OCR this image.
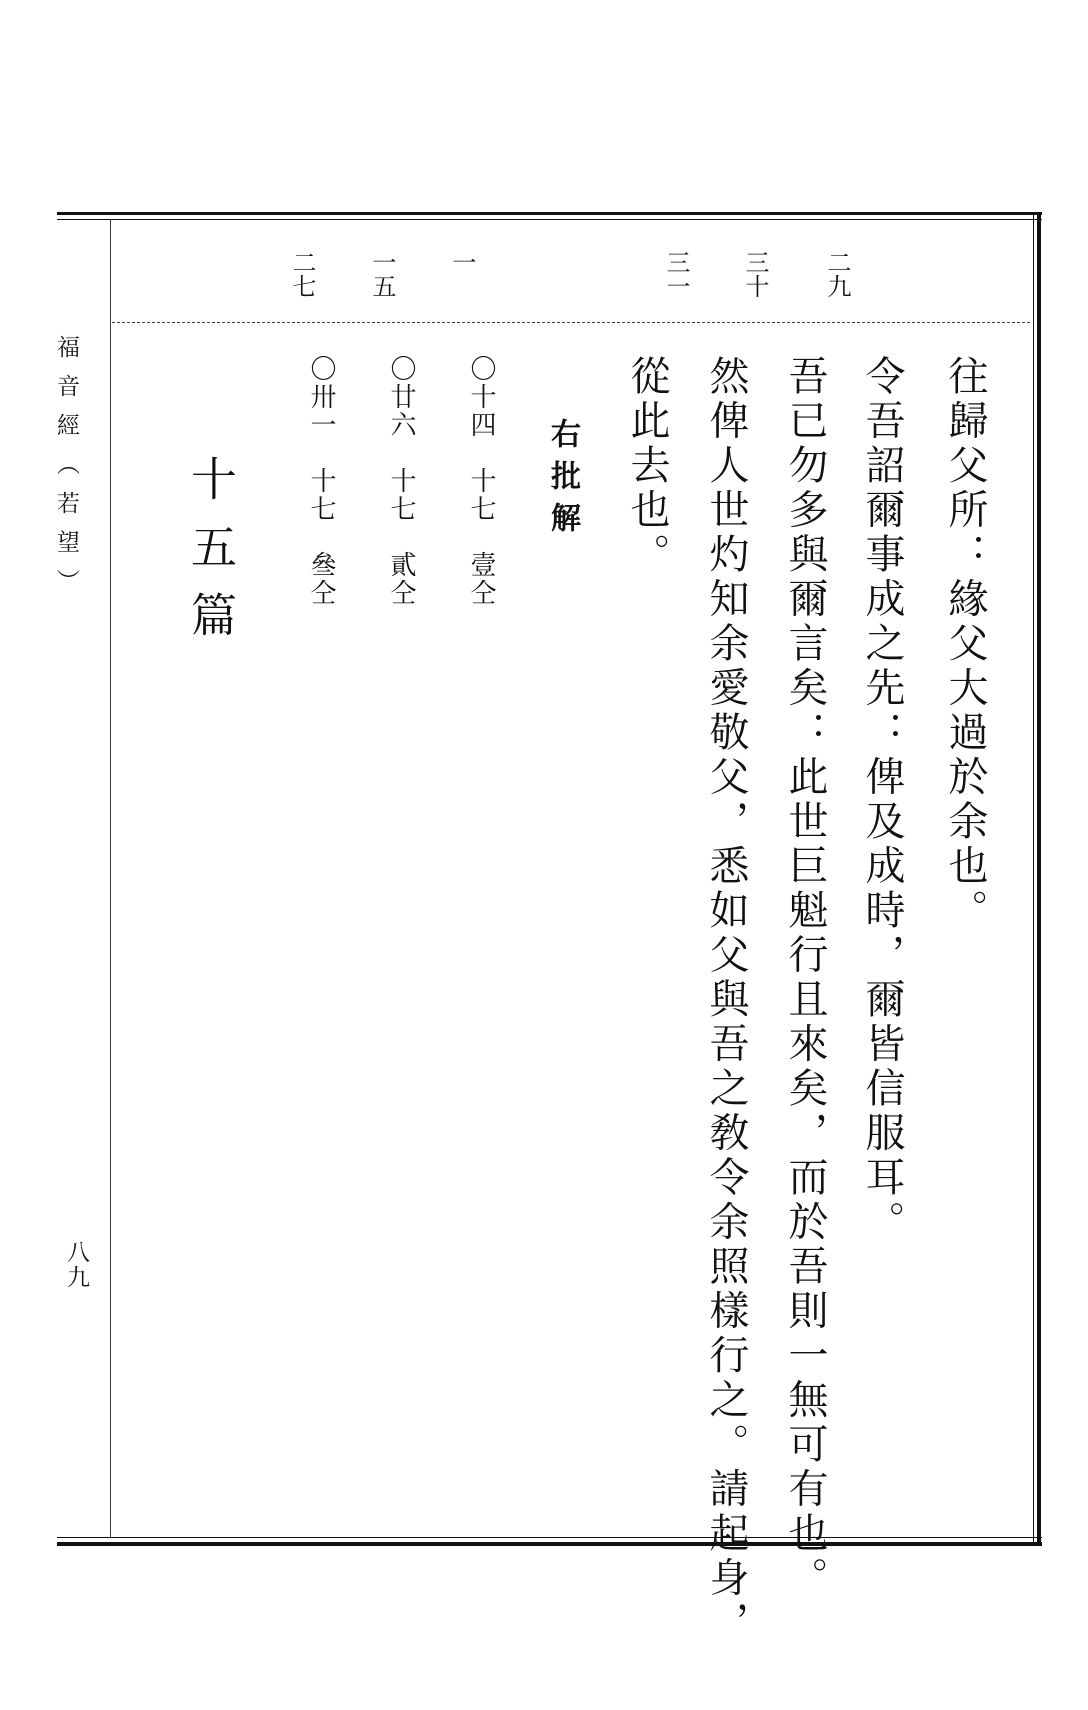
福音經（若望）
八九
二九
三十
三一
一
一五
二七
往歸父所：緣父大過於余也。
令吾詔爾事成之先：俾及成時，爾皆信服耳。
吾已勿多與爾言矣：此世巨魁行且來矣，而於吾則一無可有也。
然俾人世灼知余愛敬父，悉如父與吾之敎令余照樣行之。請起身，
從此去也。
右批解
〇十四　十七　壹仝
〇廿六　十七　貳仝
〇卅一　十七　叄仝
十五篇
